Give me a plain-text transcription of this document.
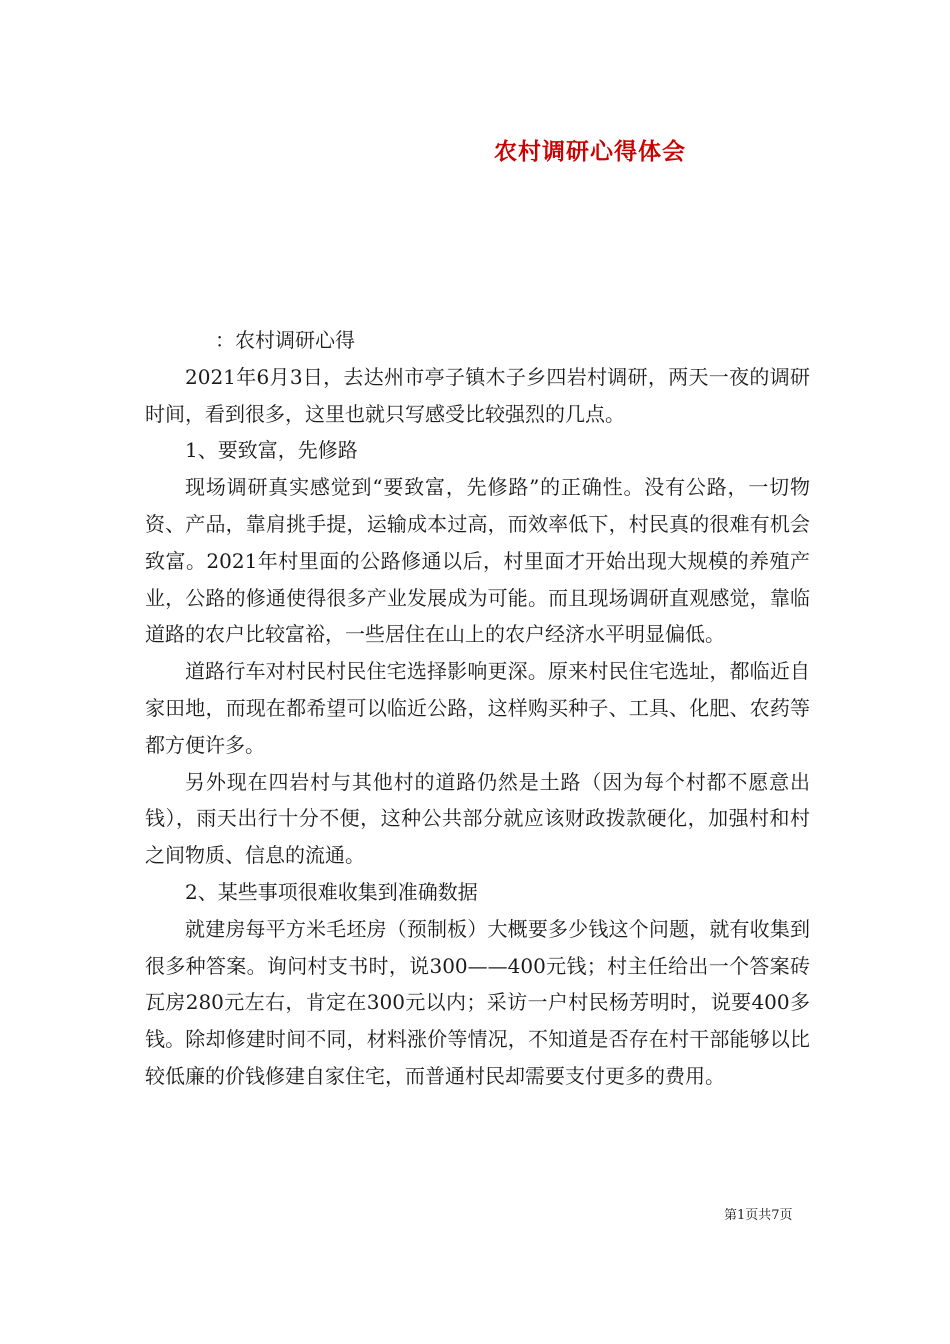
农村调研心得体会

：农村调研心得

2021年6月3日，去达州市亭子镇木子乡四岩村调研，两天一夜的调研时间，看到很多，这里也就只写感受比较强烈的几点。

1、要致富，先修路

现场调研真实感觉到“要致富，先修路”的正确性。没有公路，一切物资、产品，靠肩挑手提，运输成本过高，而效率低下，村民真的很难有机会致富。2021年村里面的公路修通以后，村里面才开始出现大规模的养殖产业，公路的修通使得很多产业发展成为可能。而且现场调研直观感觉，靠临道路的农户比较富裕，一些居住在山上的农户经济水平明显偏低。

道路行车对村民村民住宅选择影响更深。原来村民住宅选址，都临近自家田地，而现在都希望可以临近公路，这样购买种子、工具、化肥、农药等都方便许多。

另外现在四岩村与其他村的道路仍然是土路（因为每个村都不愿意出钱），雨天出行十分不便，这种公共部分就应该财政拨款硬化，加强村和村之间物质、信息的流通。

2、某些事项很难收集到准确数据

就建房每平方米毛坯房（预制板）大概要多少钱这个问题，就有收集到很多种答案。询问村支书时，说300——400元钱；村主任给出一个答案砖瓦房280元左右，肯定在300元以内；采访一户村民杨芳明时，说要400多钱。除却修建时间不同，材料涨价等情况，不知道是否存在村干部能够以比较低廉的价钱修建自家住宅，而普通村民却需要支付更多的费用。

第1页共7页
